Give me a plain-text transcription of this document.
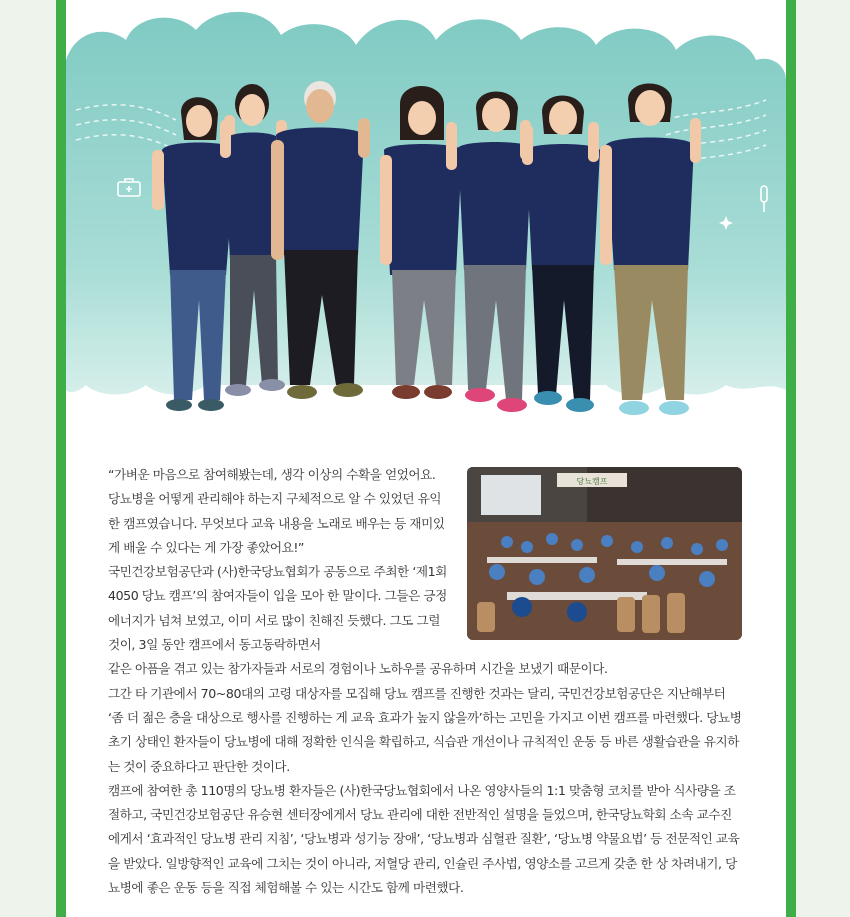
당뇨캠프

“가벼운 마음으로 참여해봤는데, 생각 이상의 수확을 얻었어요. 당뇨병을 어떻게 관리해야 하는지 구체적으로 알 수 있었던 유익한 캠프였습니다. 무엇보다 교육 내용을 노래로 배우는 등 재미있게 배울 수 있다는 게 가장 좋았어요!”

국민건강보험공단과 (사)한국당뇨협회가 공동으로 주최한 ‘제1회 4050 당뇨 캠프’의 참여자들이 입을 모아 한 말이다. 그들은 긍정 에너지가 넘쳐 보였고, 이미 서로 많이 친해진 듯했다. 그도 그럴 것이, 3일 동안 캠프에서 동고동락하면서

같은 아픔을 겪고 있는 참가자들과 서로의 경험이나 노하우를 공유하며 시간을 보냈기 때문이다.

그간 타 기관에서 70~80대의 고령 대상자를 모집해 당뇨 캠프를 진행한 것과는 달리, 국민건강보험공단은 지난해부터 ‘좀 더 젊은 층을 대상으로 행사를 진행하는 게 교육 효과가 높지 않을까’하는 고민을 가지고 이번 캠프를 마련했다. 당뇨병 초기 상태인 환자들이 당뇨병에 대해 정확한 인식을 확립하고, 식습관 개선이나 규칙적인 운동 등 바른 생활습관을 유지하는 것이 중요하다고 판단한 것이다.

캠프에 참여한 총 110명의 당뇨병 환자들은 (사)한국당뇨협회에서 나온 영양사들의 1:1 맞춤형 코치를 받아 식사량을 조절하고, 국민건강보험공단 유승현 센터장에게서 당뇨 관리에 대한 전반적인 설명을 들었으며, 한국당뇨학회 소속 교수진에게서 ‘효과적인 당뇨병 관리 지침’, ‘당뇨병과 성기능 장애’, ‘당뇨병과 심혈관 질환’, ‘당뇨병 약물요법’ 등 전문적인 교육을 받았다. 일방향적인 교육에 그치는 것이 아니라, 저혈당 관리, 인슐린 주사법, 영양소를 고르게 갖춘 한 상 차려내기, 당뇨병에 좋은 운동 등을 직접 체험해볼 수 있는 시간도 함께 마련했다.
